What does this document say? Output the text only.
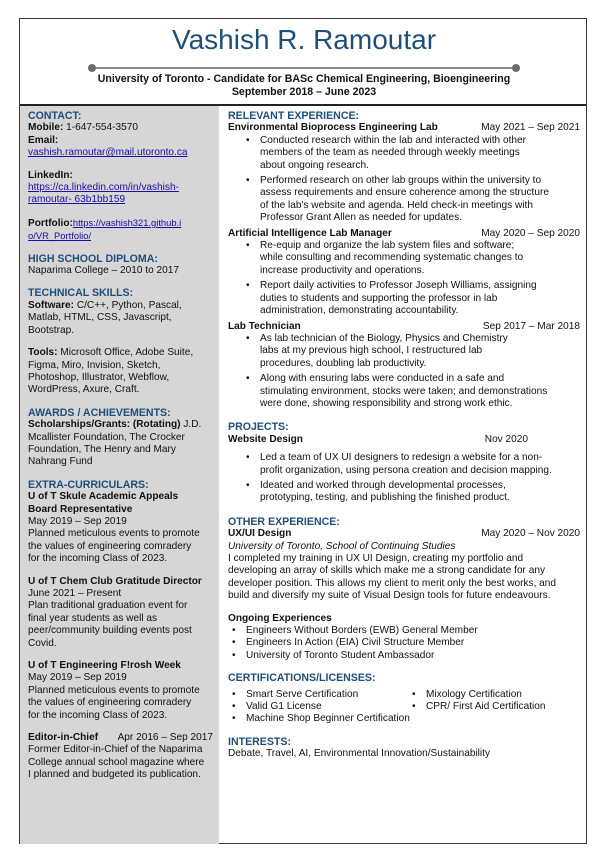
Vashish R. Ramoutar
University of Toronto - Candidate for BASc Chemical Engineering, Bioengineering
September 2018 – June 2023
CONTACT:
Mobile: 1-647-554-3570
Email:
vashish.ramoutar@mail.utoronto.ca
LinkedIn:
https://ca.linkedin.com/in/vashish-
ramoutar- 63b1bb159
Portfolio:https://vashish321.github.i
o/VR_Portfolio/
HIGH SCHOOL DIPLOMA:
Naparima College – 2010 to 2017
TECHNICAL SKILLS:
Software: C/C++, Python, Pascal,
Matlab, HTML, CSS, Javascript,
Bootstrap.
Tools: Microsoft Office, Adobe Suite,
Figma, Miro, Invision, Sketch,
Photoshop, Illustrator, Webflow,
WordPress, Axure, Craft.
AWARDS / ACHIEVEMENTS:
Scholarships/Grants: (Rotating) J.D.
Mcallister Foundation, The Crocker
Foundation, The Henry and Mary
Nahrang Fund
EXTRA-CURRICULARS:
U of T Skule Academic Appeals
Board Representative
May 2019 – Sep 2019
Planned meticulous events to promote
the values of engineering comradery
for the incoming Class of 2023.
U of T Chem Club Gratitude Director
June 2021 – Present
Plan traditional graduation event for
final year students as well as
peer/community building events post
Covid.
U of T Engineering F!rosh Week
May 2019 – Sep 2019
Planned meticulous events to promote
the values of engineering comradery
for the incoming Class of 2023.
Editor-in-Chief Apr 2016 – Sep 2017
Former Editor-in-Chief of the Naparima
College annual school magazine where
I planned and budgeted its publication.
RELEVANT EXPERIENCE:
Environmental Bioprocess Engineering Lab	May 2021 – Sep 2021
• Conducted research within the lab and interacted with other
members of the team as needed through weekly meetings
about ongoing research.
• Performed research on other lab groups within the university to
assess requirements and ensure coherence among the structure
of the lab's website and agenda. Held check-in meetings with
Professor Grant Allen as needed for updates.
Artificial Intelligence Lab Manager	May 2020 – Sep 2020
• Re-equip and organize the lab system files and software;
while consulting and recommending systematic changes to
increase productivity and operations.
• Report daily activities to Professor Joseph Williams, assigning
duties to students and supporting the professor in lab
administration, demonstrating accountability.
Lab Technician	Sep 2017 – Mar 2018
• As lab technician of the Biology, Physics and Chemistry
labs at my previous high school, I restructured lab
procedures, doubling lab productivity.
• Along with ensuring labs were conducted in a safe and
stimulating environment, stocks were taken; and demonstrations
were done, showing responsibility and strong work ethic.
PROJECTS:
Website Design	Nov 2020
• Led a team of UX UI designers to redesign a website for a non-
profit organization, using persona creation and decision mapping.
• Ideated and worked through developmental processes,
prototyping, testing, and publishing the finished product.
OTHER EXPERIENCE:
UX/UI Design	May 2020 – Nov 2020
University of Toronto, School of Continuing Studies
I completed my training in UX UI Design, creating my portfolio and
developing an array of skills which make me a strong candidate for any
developer position. This allows my client to merit only the best works, and
build and diversify my suite of Visual Design tools for future endeavours.
Ongoing Experiences
• Engineers Without Borders (EWB) General Member
• Engineers In Action (EIA) Civil Structure Member
• University of Toronto Student Ambassador
CERTIFICATIONS/LICENSES:
• Smart Serve Certification	• Mixology Certification
• Valid G1 License	• CPR/ First Aid Certification
• Machine Shop Beginner Certification
INTERESTS:
Debate, Travel, AI, Environmental Innovation/Sustainability
